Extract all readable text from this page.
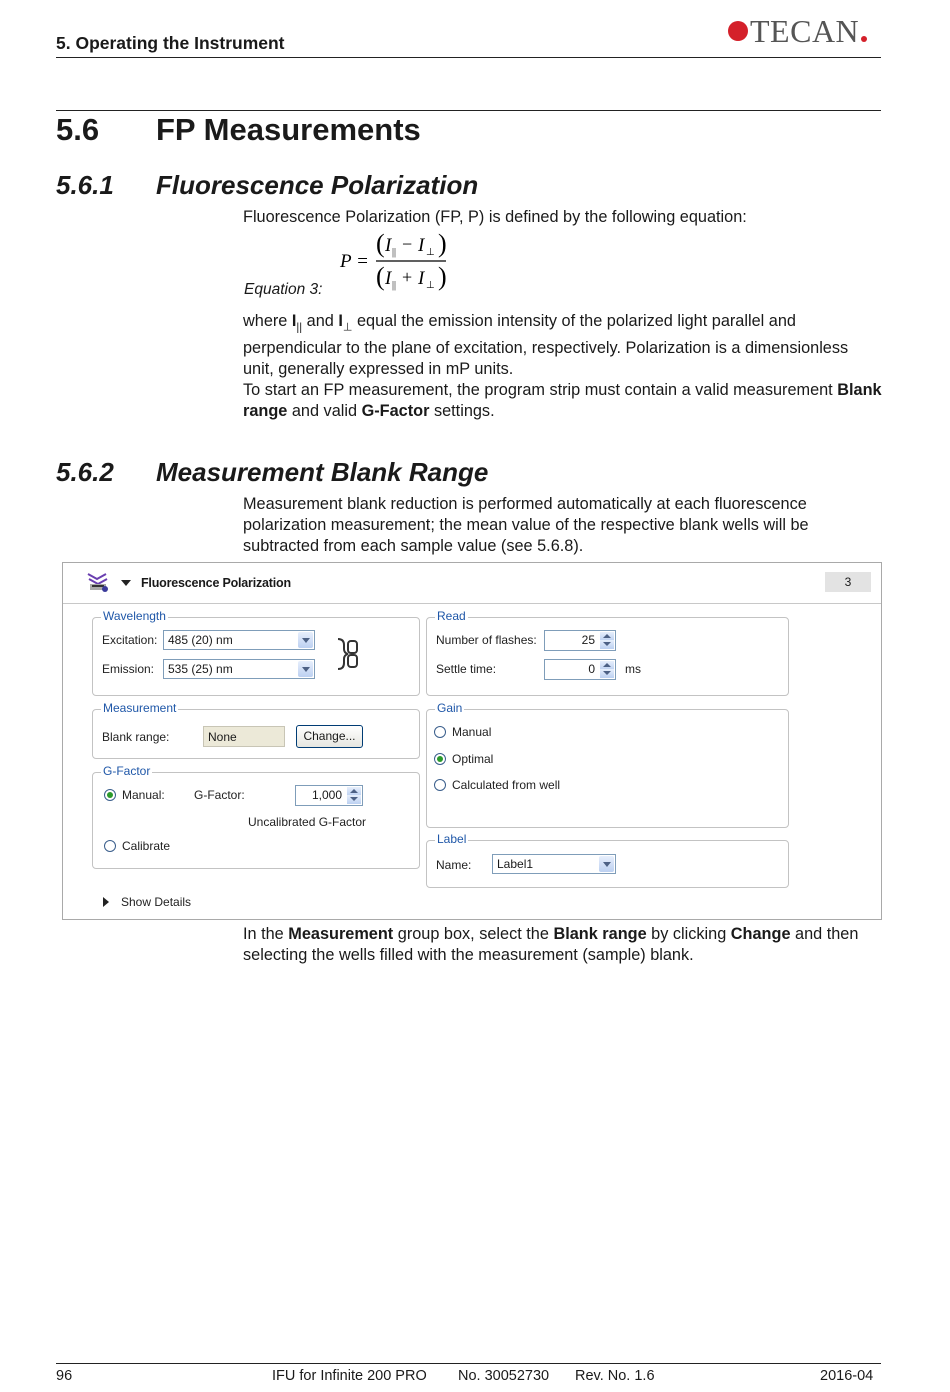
5. Operating the Instrument	TECAN
5.6 FP Measurements
5.6.1 Fluorescence Polarization
Fluorescence Polarization (FP, P) is defined by the following equation:
Equation 3:
P =
( I || − I ⊥ )
( I || + I ⊥ )
where $I_{||}$ and $I_\perp$ equal the emission intensity of the polarized light parallel and perpendicular to the plane of excitation, respectively. Polarization is a dimensionless unit, generally expressed in mP units.
To start an FP measurement, the program strip must contain a valid measurement Blank range and valid G-Factor settings.
5.6.2 Measurement Blank Range
Measurement blank reduction is performed automatically at each fluorescence polarization measurement; the mean value of the respective blank wells will be subtracted from each sample value (see 5.6.8).
Fluorescence Polarization	3
Wavelength
Excitation: 485 (20) nm
Emission: 535 (25) nm
Read
Number of flashes:	25
Settle time:	0	ms
Measurement
Blank range:	None	Change...
Gain
Manual
Optimal
Calculated from well
G-Factor
Manual: G-Factor:	1,000
Uncalibrated G-Factor
Calibrate	Label
Name: Label1
Show Details
In the Measurement group box, select the Blank range by clicking Change and then selecting the wells filled with the measurement (sample) blank.
96	IFU for Infinite 200 PRO No. 30052730 Rev. No. 1.6	2016-04
